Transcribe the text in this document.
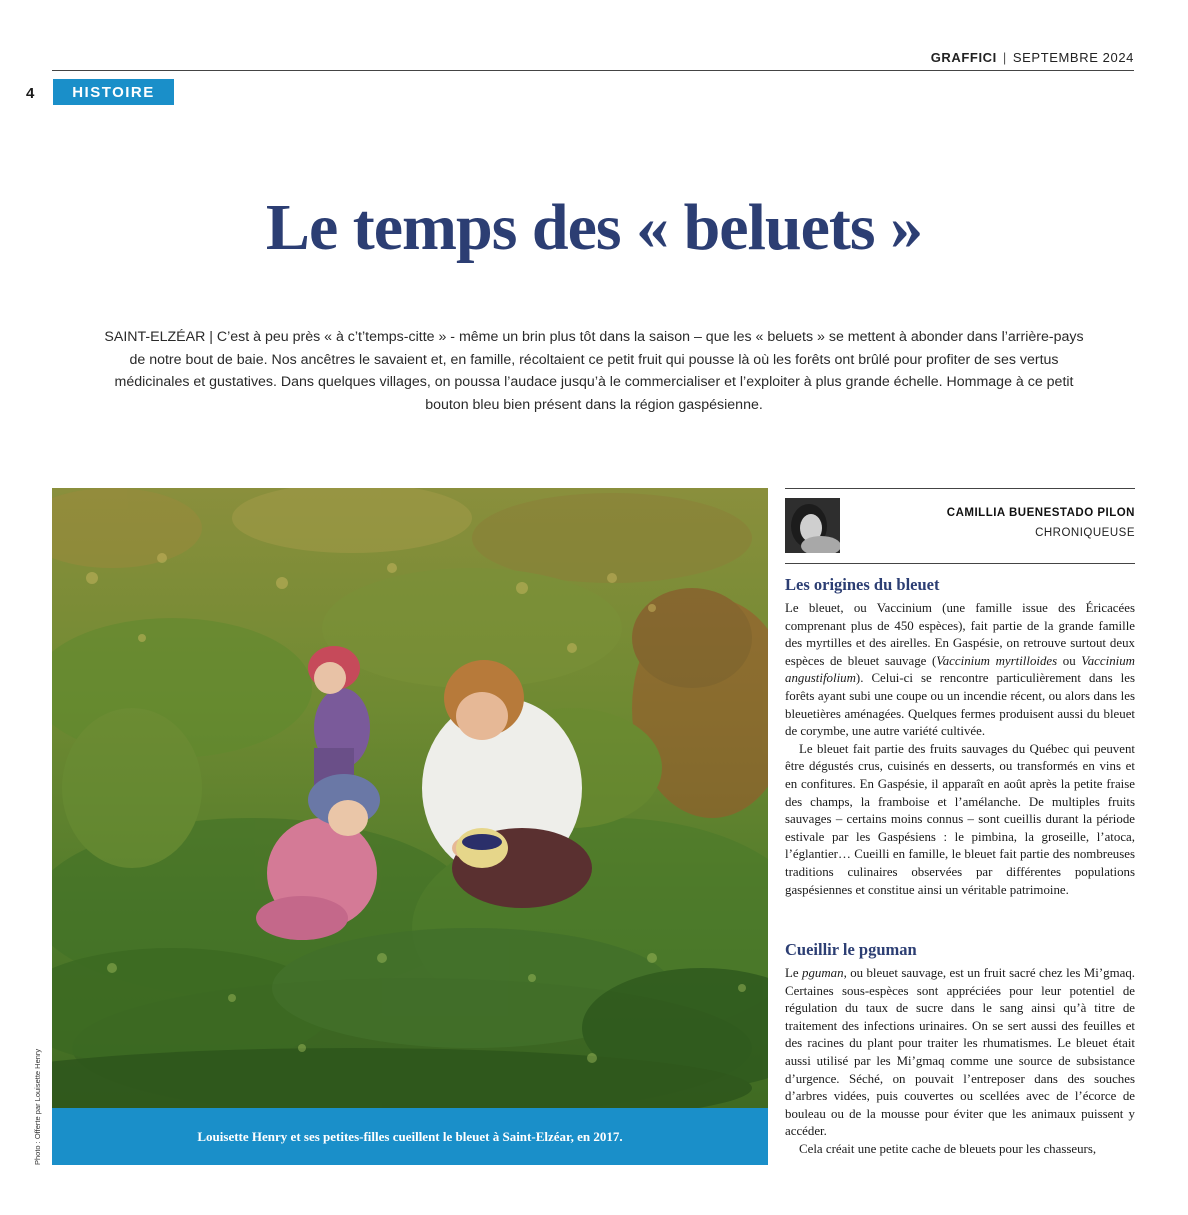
GRAFFICI | SEPTEMBRE 2024
4	HISTOIRE
Le temps des « beluets »
SAINT-ELZÉAR | C’est à peu près « à c’t’temps-citte » - même un brin plus tôt dans la saison – que les « beluets » se mettent à abonder dans l’arrière-pays de notre bout de baie. Nos ancêtres le savaient et, en famille, récoltaient ce petit fruit qui pousse là où les forêts ont brûlé pour profiter de ses vertus médicinales et gustatives. Dans quelques villages, on poussa l’audace jusqu’à le commercialiser et l’exploiter à plus grande échelle. Hommage à ce petit bouton bleu bien présent dans la région gaspésienne.
Louisette Henry et ses petites-filles cueillent le bleuet à Saint-Elzéar, en 2017.
Photo : Offerte par Louisette Henry
CAMILLIA BUENESTADO PILON
CHRONIQUEUSE
Les origines du bleuet

Le bleuet, ou Vaccinium (une famille issue des Éricacées comprenant plus de 450 espèces), fait partie de la grande famille des myrtilles et des airelles. En Gaspésie, on retrouve surtout deux espèces de bleuet sauvage (Vaccinium myrtilloides ou Vaccinium angustifolium). Celui-ci se rencontre particulièrement dans les forêts ayant subi une coupe ou un incendie récent, ou alors dans les bleuetières aménagées. Quelques fermes produisent aussi du bleuet de corymbe, une autre variété cultivée.

Le bleuet fait partie des fruits sauvages du Québec qui peuvent être dégustés crus, cuisinés en desserts, ou transformés en vins et en confitures. En Gaspésie, il apparaît en août après la petite fraise des champs, la framboise et l’amélanche. De multiples fruits sauvages – certains moins connus – sont cueillis durant la période estivale par les Gaspésiens : le pimbina, la groseille, l’atoca, l’églantier… Cueilli en famille, le bleuet fait partie des nombreuses traditions culinaires observées par différentes populations gaspésiennes et constitue ainsi un véritable patrimoine.

Cueillir le pguman

Le pguman, ou bleuet sauvage, est un fruit sacré chez les Mi’gmaq. Certaines sous-espèces sont appréciées pour leur potentiel de régulation du taux de sucre dans le sang ainsi qu’à titre de traitement des infections urinaires. On se sert aussi des feuilles et des racines du plant pour traiter les rhumatismes. Le bleuet était aussi utilisé par les Mi’gmaq comme une source de subsistance d’urgence. Séché, on pouvait l’entreposer dans des souches d’arbres vidées, puis couvertes ou scellées avec de l’écorce de bouleau ou de la mousse pour éviter que les animaux puissent y accéder.

Cela créait une petite cache de bleuets pour les chasseurs,
